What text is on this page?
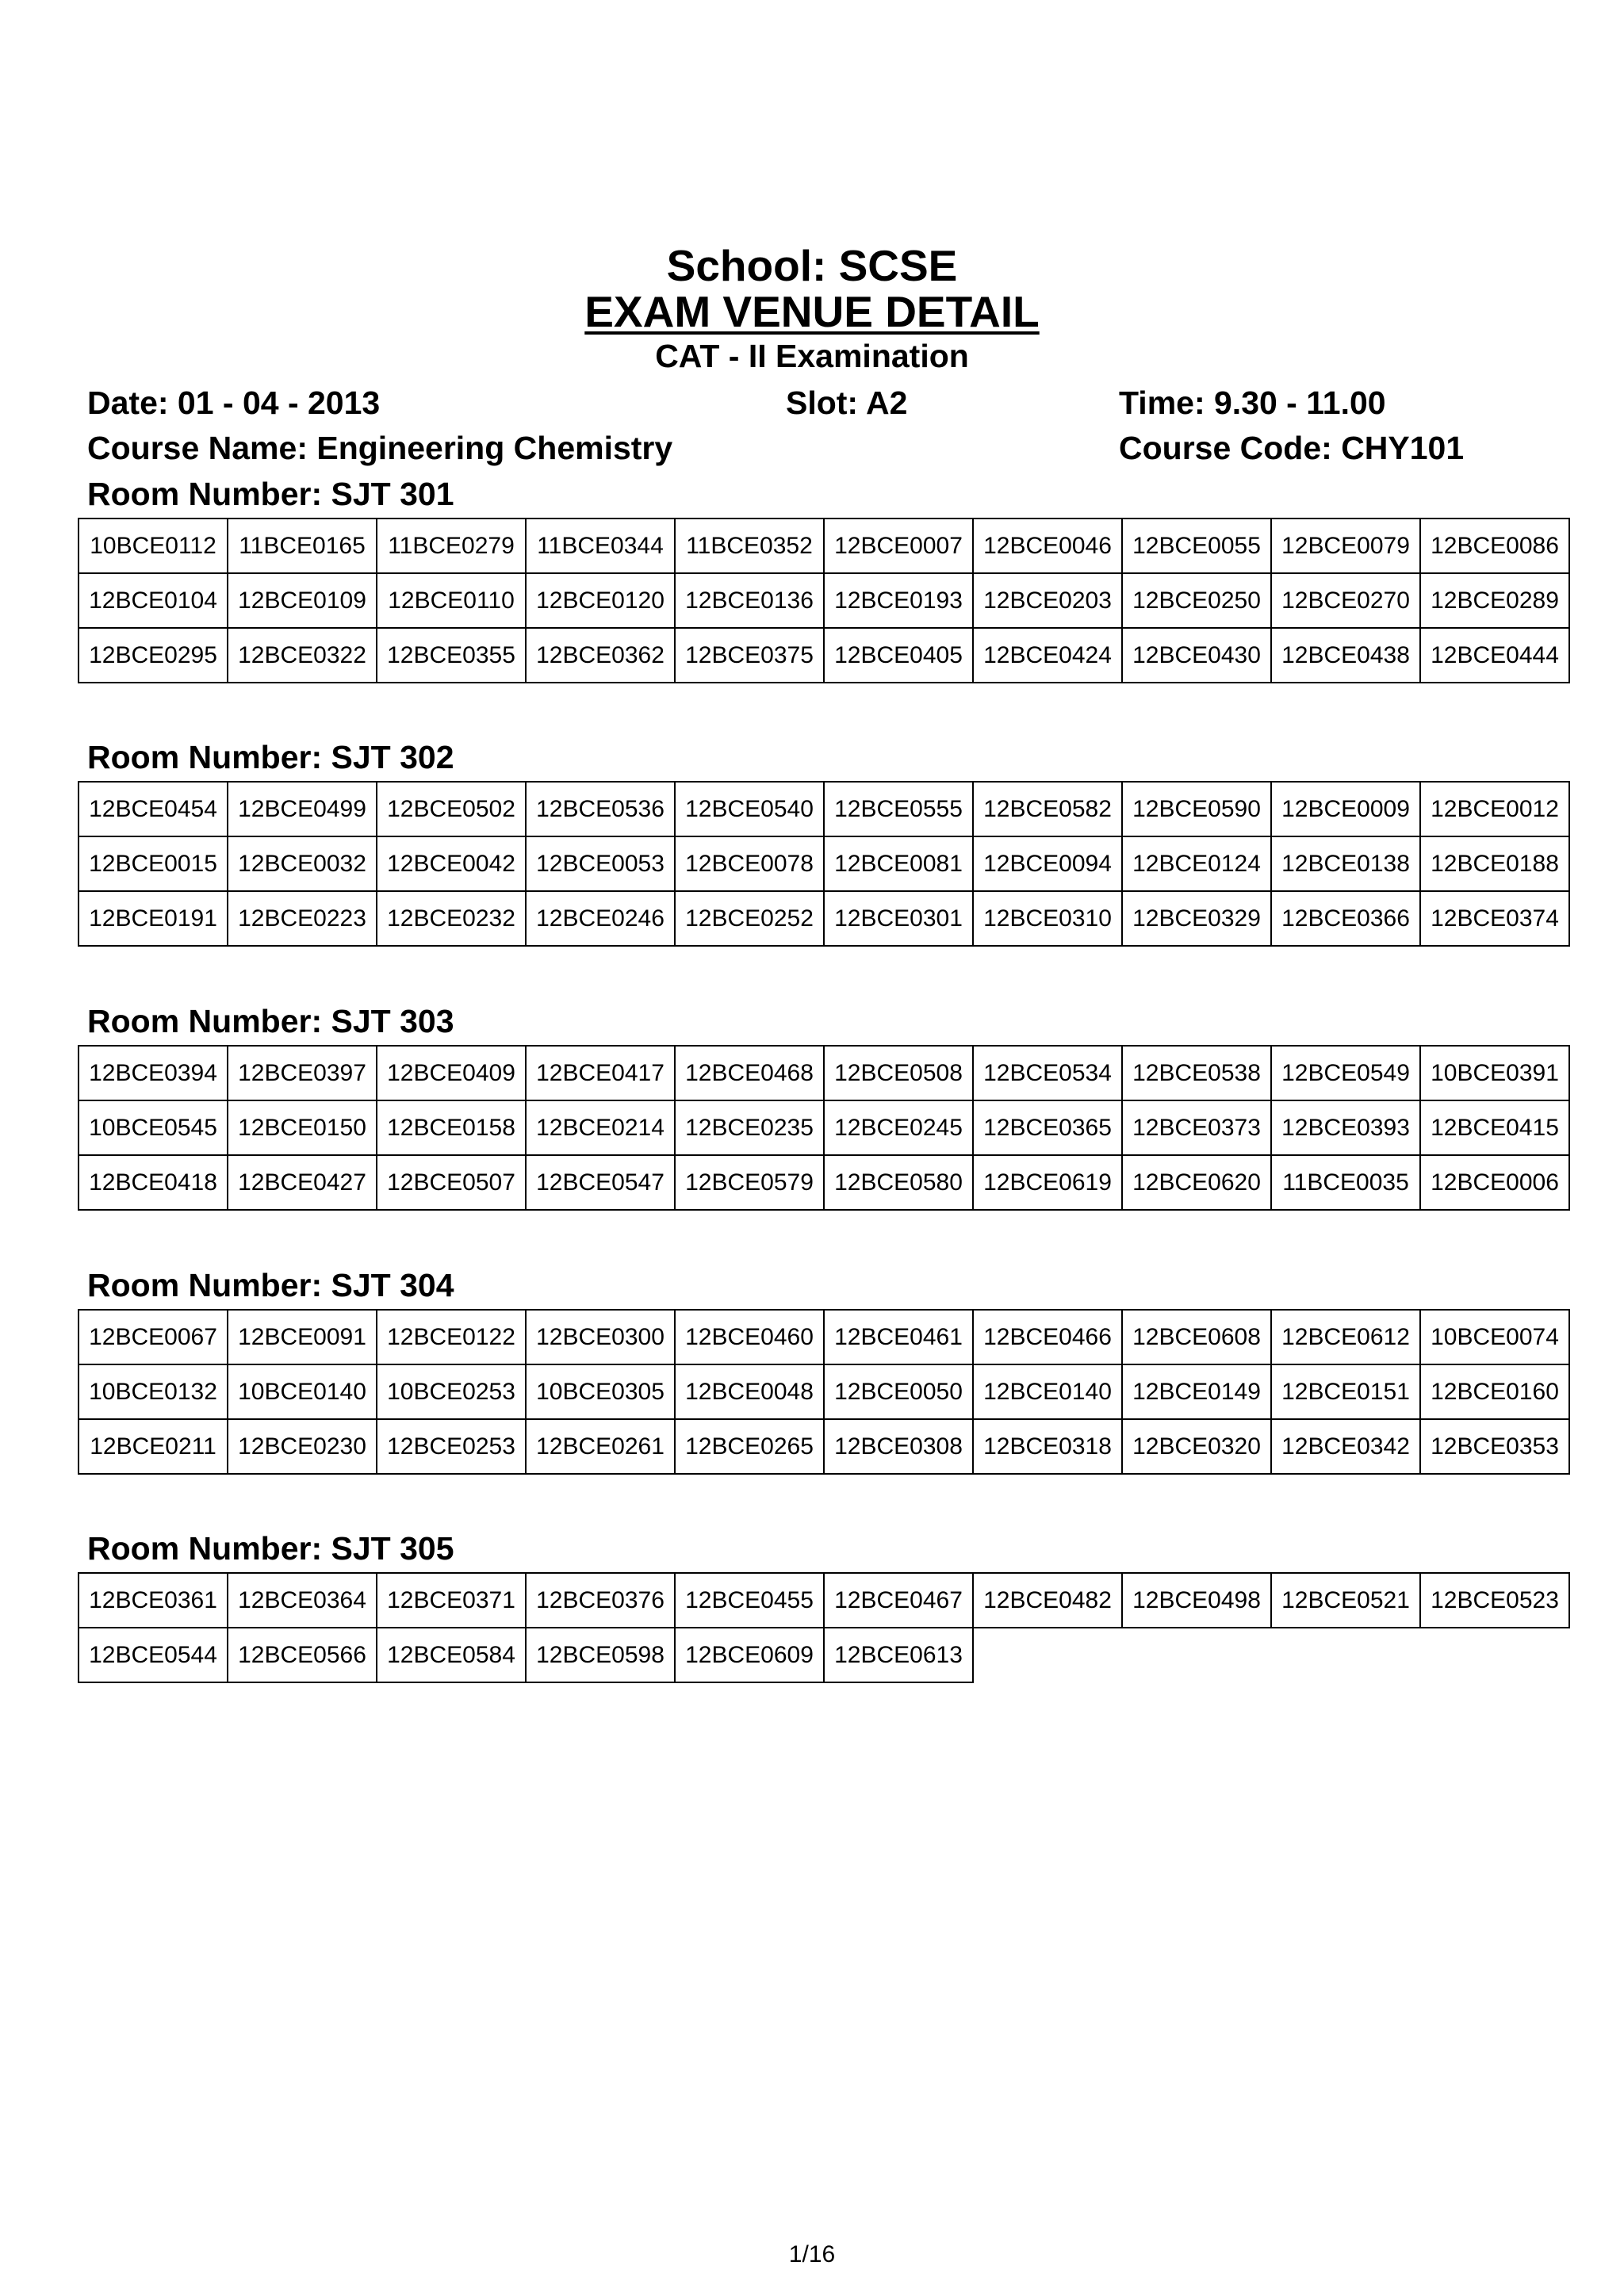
School: SCSE
EXAM VENUE DETAIL
CAT - II Examination
Date: 01 - 04 - 2013	Slot: A2	Time: 9.30 - 11.00
Course Name: Engineering Chemistry	Course Code: CHY101
Room Number: SJT 301
10BCE0112	11BCE0165	11BCE0279	11BCE0344	11BCE0352	12BCE0007	12BCE0046	12BCE0055	12BCE0079	12BCE0086
12BCE0104	12BCE0109	12BCE0110	12BCE0120	12BCE0136	12BCE0193	12BCE0203	12BCE0250	12BCE0270	12BCE0289
12BCE0295	12BCE0322	12BCE0355	12BCE0362	12BCE0375	12BCE0405	12BCE0424	12BCE0430	12BCE0438	12BCE0444
Room Number: SJT 302
12BCE0454	12BCE0499	12BCE0502	12BCE0536	12BCE0540	12BCE0555	12BCE0582	12BCE0590	12BCE0009	12BCE0012
12BCE0015	12BCE0032	12BCE0042	12BCE0053	12BCE0078	12BCE0081	12BCE0094	12BCE0124	12BCE0138	12BCE0188
12BCE0191	12BCE0223	12BCE0232	12BCE0246	12BCE0252	12BCE0301	12BCE0310	12BCE0329	12BCE0366	12BCE0374
Room Number: SJT 303
12BCE0394	12BCE0397	12BCE0409	12BCE0417	12BCE0468	12BCE0508	12BCE0534	12BCE0538	12BCE0549	10BCE0391
10BCE0545	12BCE0150	12BCE0158	12BCE0214	12BCE0235	12BCE0245	12BCE0365	12BCE0373	12BCE0393	12BCE0415
12BCE0418	12BCE0427	12BCE0507	12BCE0547	12BCE0579	12BCE0580	12BCE0619	12BCE0620	11BCE0035	12BCE0006
Room Number: SJT 304
12BCE0067	12BCE0091	12BCE0122	12BCE0300	12BCE0460	12BCE0461	12BCE0466	12BCE0608	12BCE0612	10BCE0074
10BCE0132	10BCE0140	10BCE0253	10BCE0305	12BCE0048	12BCE0050	12BCE0140	12BCE0149	12BCE0151	12BCE0160
12BCE0211	12BCE0230	12BCE0253	12BCE0261	12BCE0265	12BCE0308	12BCE0318	12BCE0320	12BCE0342	12BCE0353
Room Number: SJT 305
12BCE0361	12BCE0364	12BCE0371	12BCE0376	12BCE0455	12BCE0467	12BCE0482	12BCE0498	12BCE0521	12BCE0523
12BCE0544	12BCE0566	12BCE0584	12BCE0598	12BCE0609	12BCE0613				
1/16
